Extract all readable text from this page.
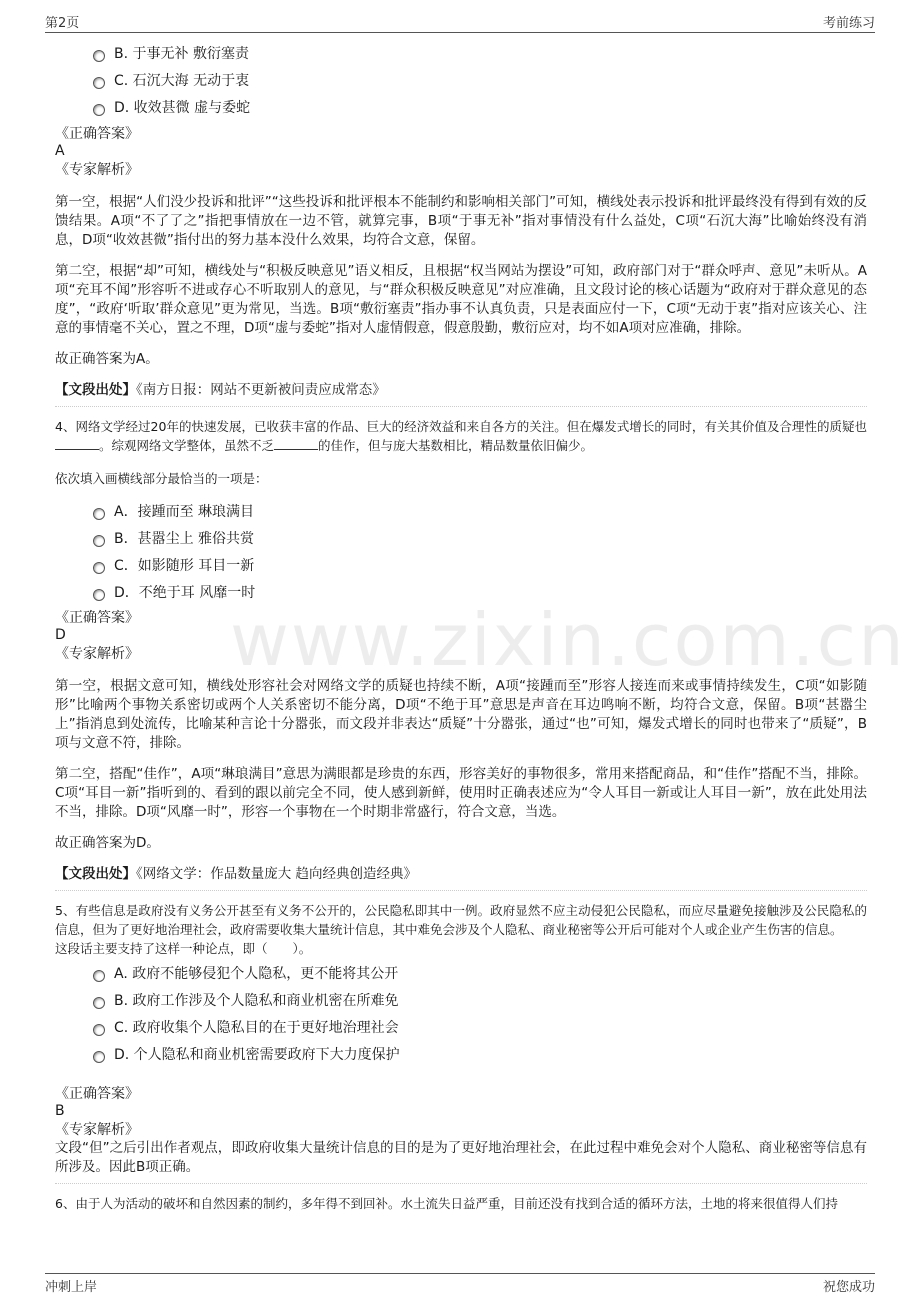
第2页	考前练习
www.zixin.com.cn
B. 于事无补 敷衍塞责
C. 石沉大海 无动于衷
D. 收效甚微 虚与委蛇
《正确答案》
A
《专家解析》

第一空，根据“人们没少投诉和批评”“这些投诉和批评根本不能制约和影响相关部门”可知，横线处表示投诉和批评最终没有得到有效的反馈结果。A项“不了了之”指把事情放在一边不管，就算完事，B项“于事无补”指对事情没有什么益处，C项“石沉大海”比喻始终没有消息，D项“收效甚微”指付出的努力基本没什么效果，均符合文意，保留。

第二空，根据“却”可知，横线处与“积极反映意见”语义相反，且根据“权当网站为摆设”可知，政府部门对于“群众呼声、意见”未听从。A项“充耳不闻”形容听不进或存心不听取别人的意见，与“群众积极反映意见”对应准确，且文段讨论的核心话题为“政府对于群众意见的态度”，“政府‘听取’群众意见”更为常见，当选。B项“敷衍塞责”指办事不认真负责，只是表面应付一下，C项“无动于衷”指对应该关心、注意的事情毫不关心，置之不理，D项“虚与委蛇”指对人虚情假意，假意殷勤，敷衍应对，均不如A项对应准确，排除。

故正确答案为A。

【文段出处】《南方日报：网站不更新被问责应成常态》

4、网络文学经过20年的快速发展，已收获丰富的作品、巨大的经济效益和来自各方的关注。但在爆发式增长的同时，有关其价值及合理性的质疑也。综观网络文学整体，虽然不乏	的佳作，但与庞大基数相比，精品数量依旧偏少。

依次填入画横线部分最恰当的一项是：

A．接踵而至 琳琅满目
B．甚嚣尘上 雅俗共赏
C．如影随形 耳目一新
D．不绝于耳 风靡一时
《正确答案》
D
《专家解析》

第一空，根据文意可知，横线处形容社会对网络文学的质疑也持续不断，A项“接踵而至”形容人接连而来或事情持续发生，C项“如影随形”比喻两个事物关系密切或两个人关系密切不能分离，D项“不绝于耳”意思是声音在耳边鸣响不断，均符合文意，保留。B项“甚嚣尘上”指消息到处流传，比喻某种言论十分嚣张，而文段并非表达“质疑”十分嚣张，通过“也”可知，爆发式增长的同时也带来了“质疑”，B项与文意不符，排除。

第二空，搭配“佳作”，A项“琳琅满目”意思为满眼都是珍贵的东西，形容美好的事物很多，常用来搭配商品，和“佳作”搭配不当，排除。C项“耳目一新”指听到的、看到的跟以前完全不同，使人感到新鲜，使用时正确表述应为“令人耳目一新或让人耳目一新”，放在此处用法不当，排除。D项“风靡一时”，形容一个事物在一个时期非常盛行，符合文意，当选。

故正确答案为D。

【文段出处】《网络文学：作品数量庞大 趋向经典创造经典》

5、有些信息是政府没有义务公开甚至有义务不公开的，公民隐私即其中一例。政府显然不应主动侵犯公民隐私，而应尽量避免接触涉及公民隐私的信息，但为了更好地治理社会，政府需要收集大量统计信息，其中难免会涉及个人隐私、商业秘密等公开后可能对个人或企业产生伤害的信息。

这段话主要支持了这样一种论点，即（　　）。

A. 政府不能够侵犯个人隐私，更不能将其公开
B. 政府工作涉及个人隐私和商业机密在所难免
C. 政府收集个人隐私目的在于更好地治理社会
D. 个人隐私和商业机密需要政府下大力度保护
《正确答案》
B
《专家解析》

文段“但”之后引出作者观点，即政府收集大量统计信息的目的是为了更好地治理社会，在此过程中难免会对个人隐私、商业秘密等信息有所涉及。因此B项正确。

6、由于人为活动的破坏和自然因素的制约，多年得不到回补。水土流失日益严重，目前还没有找到合适的循环方法，土地的将来很值得人们持

冲刺上岸	祝您成功
